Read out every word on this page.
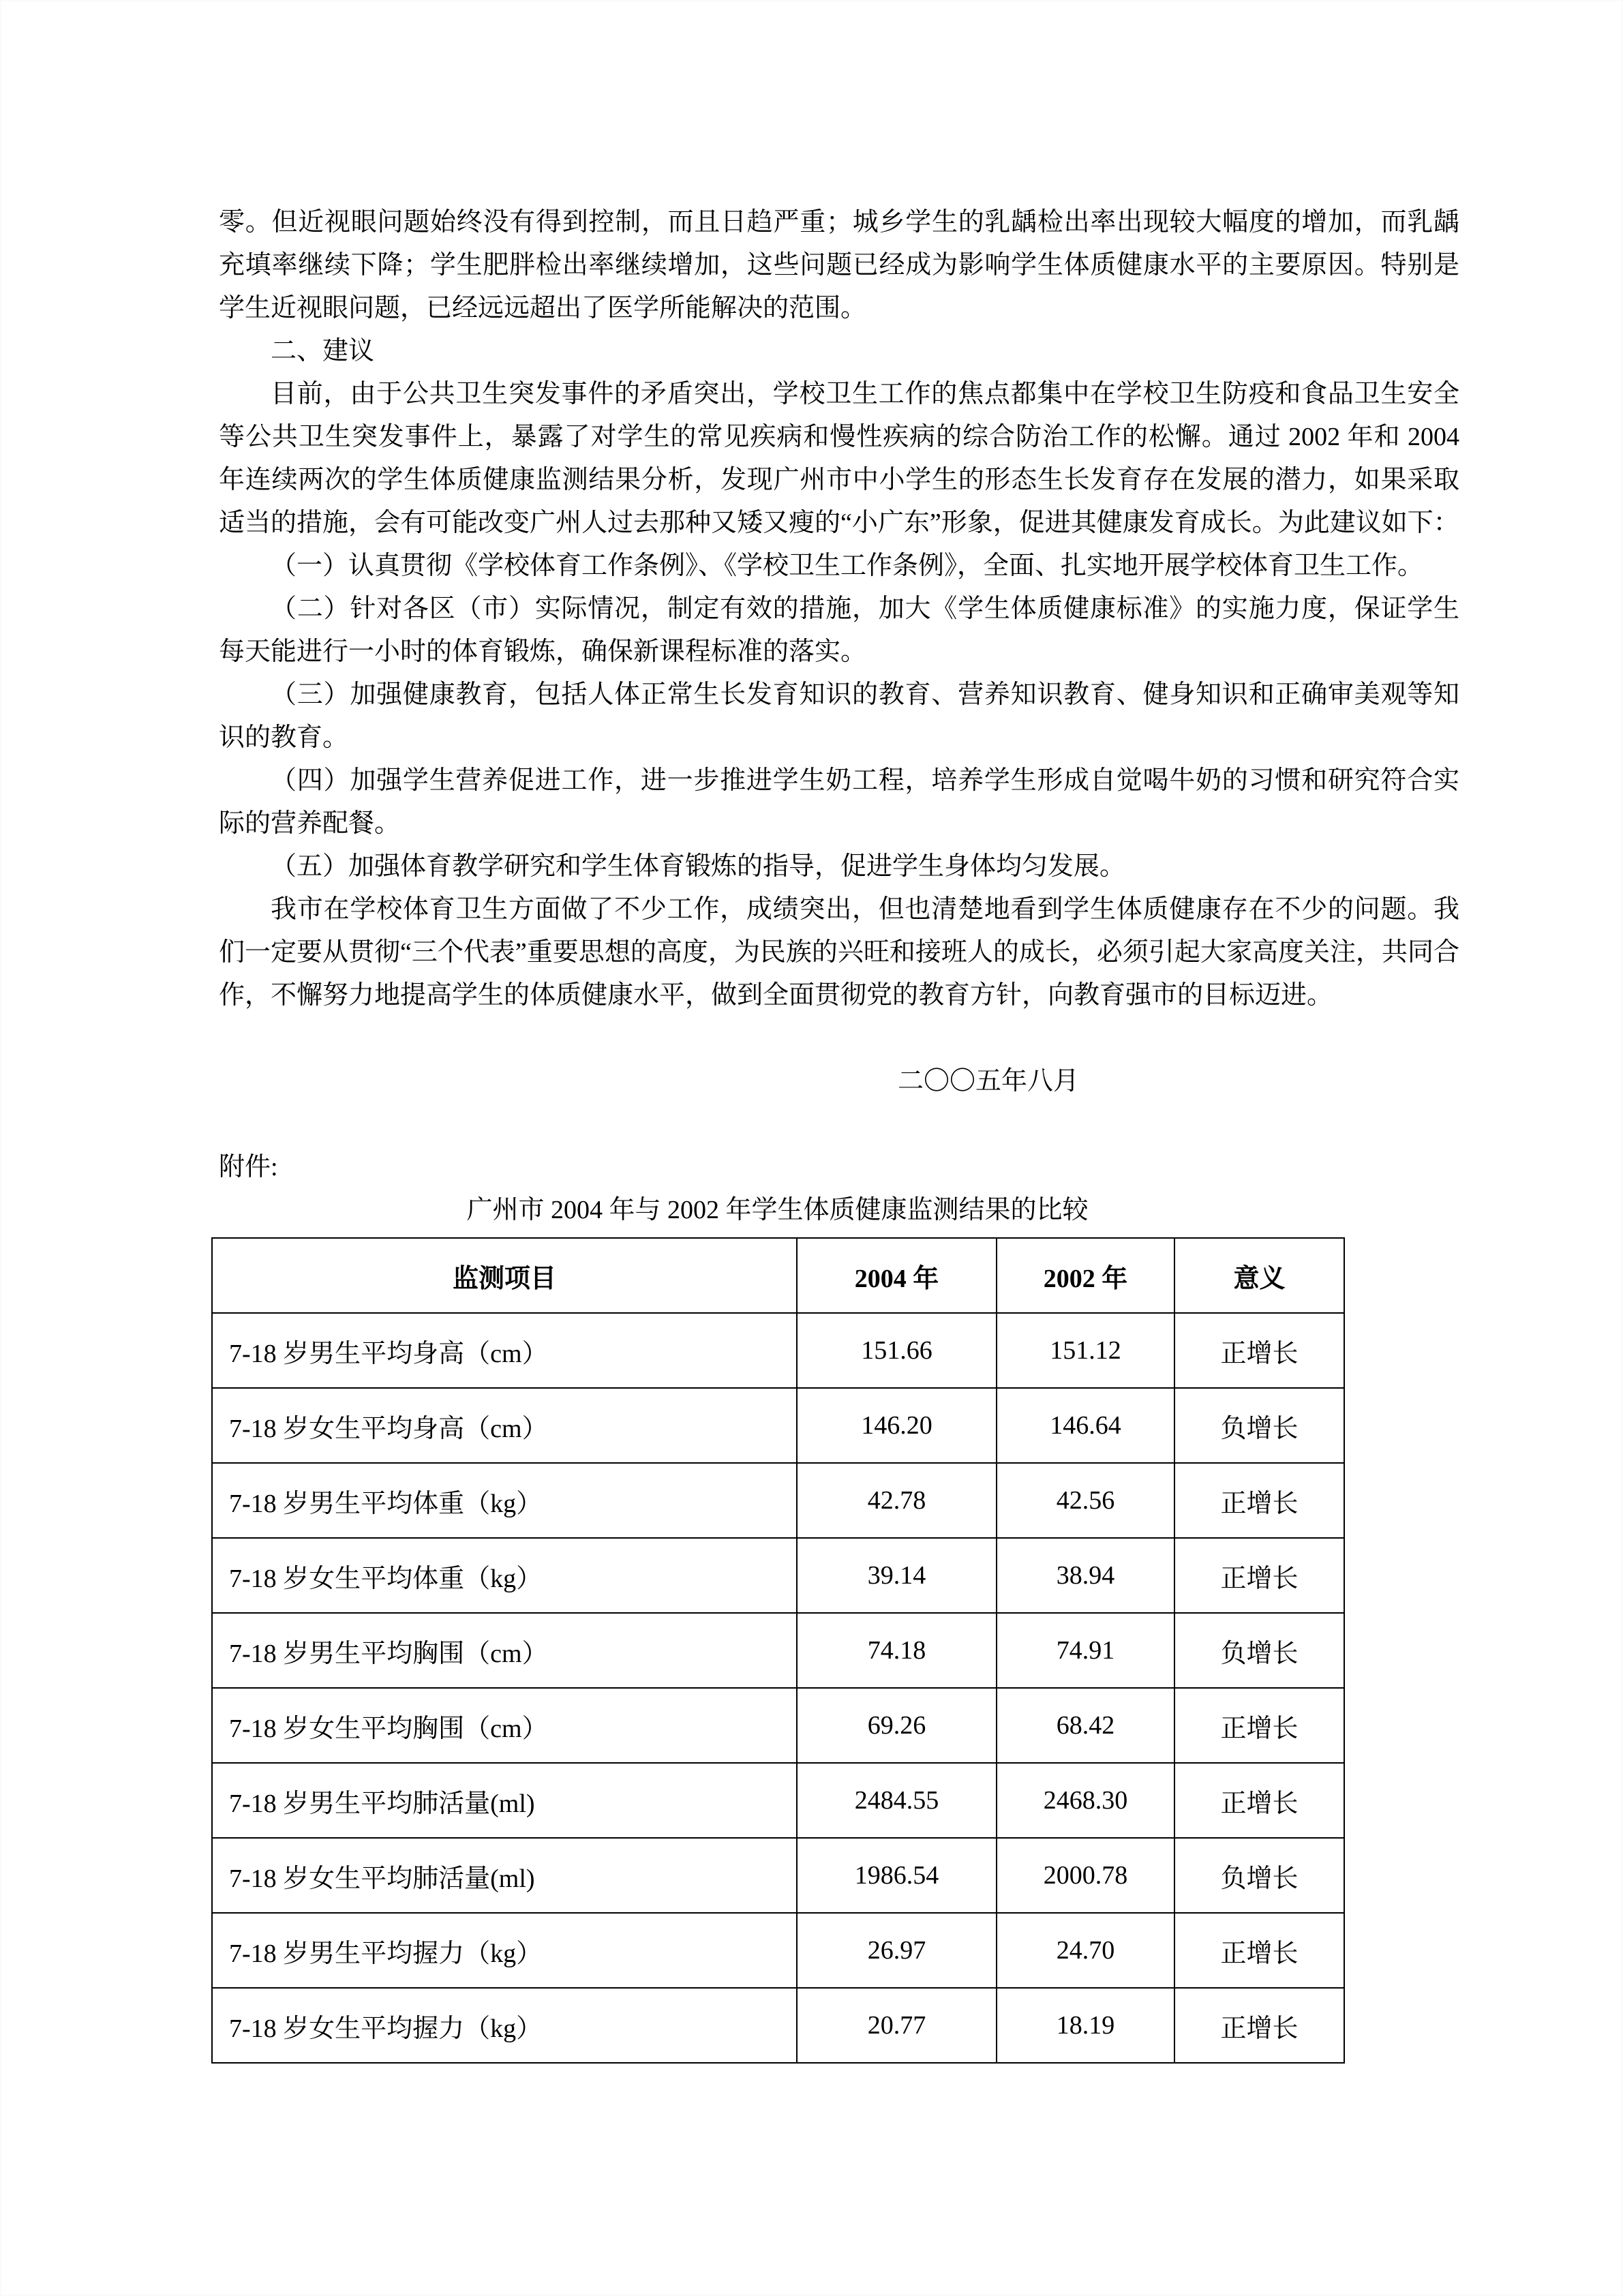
零。但近视眼问题始终没有得到控制，而且日趋严重；城乡学生的乳龋检出率出现较大幅度的增加，而乳龋充填率继续下降；学生肥胖检出率继续增加，这些问题已经成为影响学生体质健康水平的主要原因。特别是学生近视眼问题，已经远远超出了医学所能解决的范围。

二、建议

目前，由于公共卫生突发事件的矛盾突出，学校卫生工作的焦点都集中在学校卫生防疫和食品卫生安全等公共卫生突发事件上，暴露了对学生的常见疾病和慢性疾病的综合防治工作的松懈。通过 2002 年和 2004 年连续两次的学生体质健康监测结果分析，发现广州市中小学生的形态生长发育存在发展的潜力，如果采取适当的措施，会有可能改变广州人过去那种又矮又瘦的“小广东”形象，促进其健康发育成长。为此建议如下：

（一）认真贯彻《学校体育工作条例》、《学校卫生工作条例》，全面、扎实地开展学校体育卫生工作。

（二）针对各区（市）实际情况，制定有效的措施，加大《学生体质健康标准》的实施力度，保证学生每天能进行一小时的体育锻炼，确保新课程标准的落实。

（三）加强健康教育，包括人体正常生长发育知识的教育、营养知识教育、健身知识和正确审美观等知识的教育。

（四）加强学生营养促进工作，进一步推进学生奶工程，培养学生形成自觉喝牛奶的习惯和研究符合实际的营养配餐。

（五）加强体育教学研究和学生体育锻炼的指导，促进学生身体均匀发展。

我市在学校体育卫生方面做了不少工作，成绩突出，但也清楚地看到学生体质健康存在不少的问题。我们一定要从贯彻“三个代表”重要思想的高度，为民族的兴旺和接班人的成长，必须引起大家高度关注，共同合作，不懈努力地提高学生的体质健康水平，做到全面贯彻党的教育方针，向教育强市的目标迈进。

二〇〇五年八月
附件:
广州市 2004 年与 2002 年学生体质健康监测结果的比较
监测项目	2004 年	2002 年	意义
7-18 岁男生平均身高（cm）	151.66	151.12	正增长
7-18 岁女生平均身高（cm）	146.20	146.64	负增长
7-18 岁男生平均体重（kg）	42.78	42.56	正增长
7-18 岁女生平均体重（kg）	39.14	38.94	正增长
7-18 岁男生平均胸围（cm）	74.18	74.91	负增长
7-18 岁女生平均胸围（cm）	69.26	68.42	正增长
7-18 岁男生平均肺活量(ml)	2484.55	2468.30	正增长
7-18 岁女生平均肺活量(ml)	1986.54	2000.78	负增长
7-18 岁男生平均握力（kg）	26.97	24.70	正增长
7-18 岁女生平均握力（kg）	20.77	18.19	正增长
